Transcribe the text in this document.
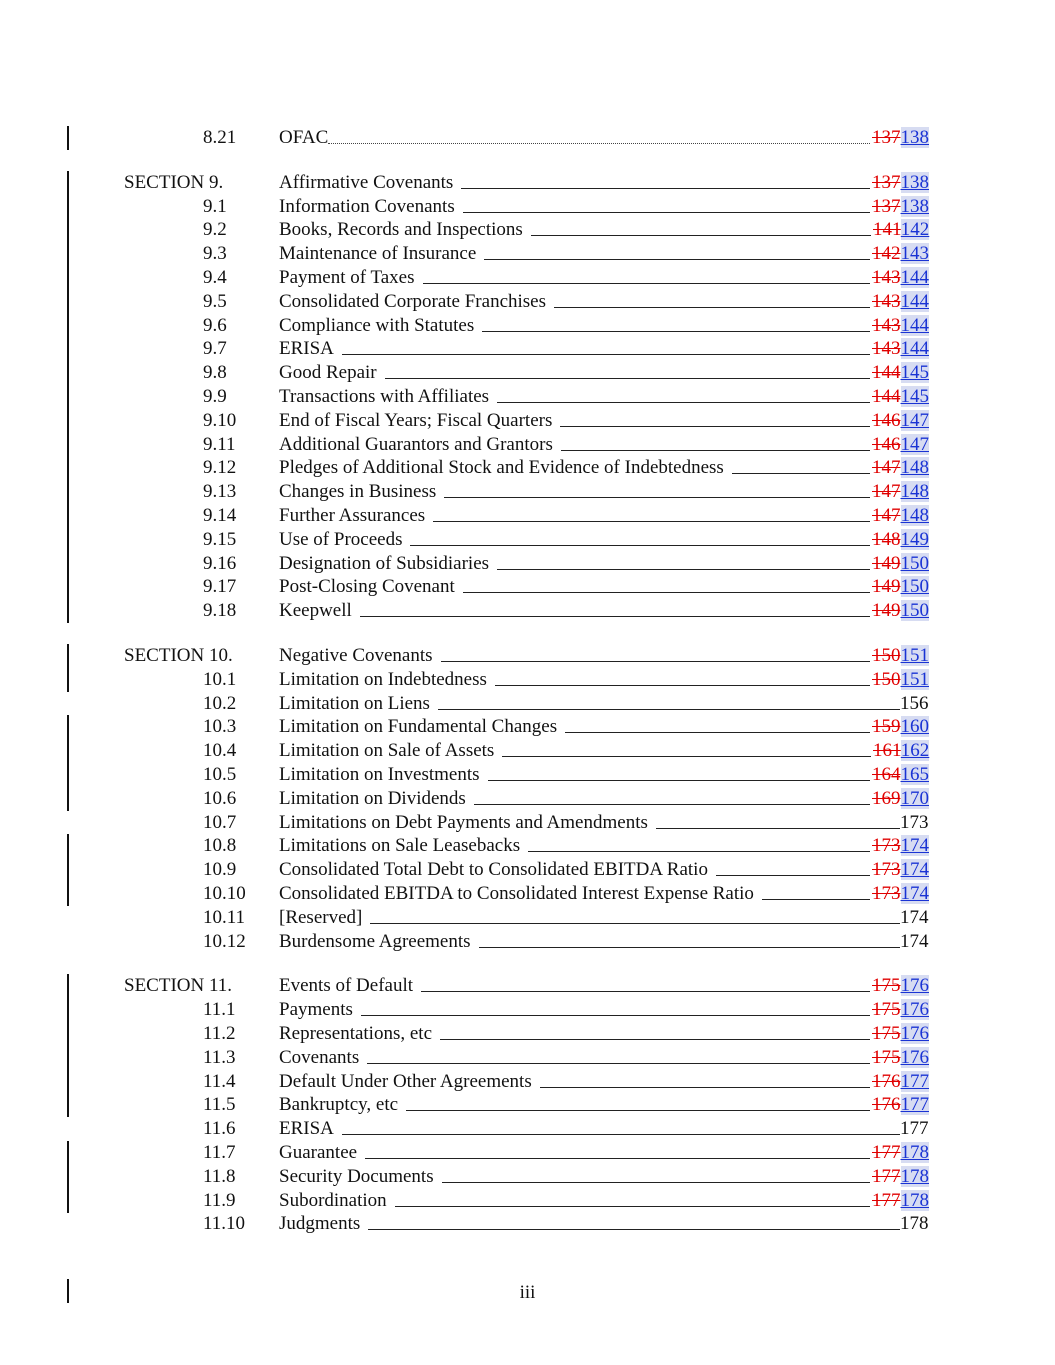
8.21 OFAC	137138
SECTION 9.	Affirmative Covenants	137138
9.1	Information Covenants	137138
9.2	Books, Records and Inspections	141142
9.3	Maintenance of Insurance	142143
9.4	Payment of Taxes	143144
9.5	Consolidated Corporate Franchises	143144
9.6	Compliance with Statutes	143144
9.7	ERISA	143144
9.8	Good Repair	144145
9.9	Transactions with Affiliates	144145
9.10 End of Fiscal Years; Fiscal Quarters	146147
9.11 Additional Guarantors and Grantors	146147
9.12 Pledges of Additional Stock and Evidence of Indebtedness	147148
9.13 Changes in Business	147148
9.14 Further Assurances	147148
9.15 Use of Proceeds	148149
9.16 Designation of Subsidiaries	149150
9.17 Post-Closing Covenant	149150
9.18 Keepwell	149150
SECTION 10. Negative Covenants	150151
10.1 Limitation on Indebtedness	150151
10.2 Limitation on Liens	156
10.3 Limitation on Fundamental Changes	159160
10.4 Limitation on Sale of Assets	161162
10.5 Limitation on Investments	164165
10.6 Limitation on Dividends	169170
10.7 Limitations on Debt Payments and Amendments	173
10.8 Limitations on Sale Leasebacks	173174
10.9 Consolidated Total Debt to Consolidated EBITDA Ratio	173174
10.10 Consolidated EBITDA to Consolidated Interest Expense Ratio	173174
10.11 [Reserved]	174
10.12 Burdensome Agreements	174
SECTION 11. Events of Default	175176
11.1 Payments	175176
11.2 Representations, etc	175176
11.3 Covenants	175176
11.4 Default Under Other Agreements	176177
11.5 Bankruptcy, etc	176177
11.6 ERISA	177
11.7 Guarantee	177178
11.8 Security Documents	177178
11.9 Subordination	177178
11.10 Judgments	178
iii
